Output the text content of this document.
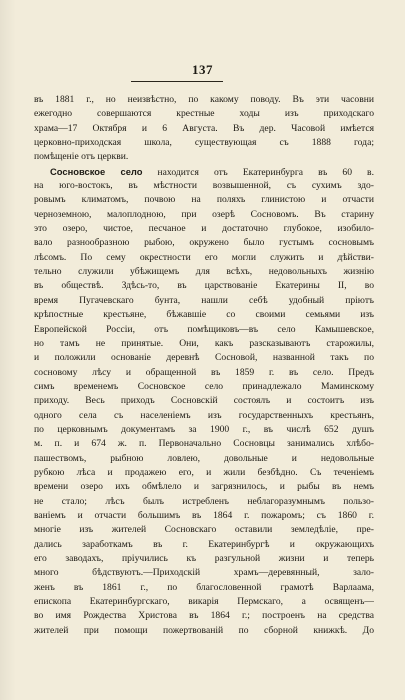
137
въ 1881 г., но неизвѣстно, по какому поводу. Въ эти часовни
ежегодно совершаются крестные ходы изъ приходскаго
храма—17 Октября и 6 Августа. Въ дер. Часовой имѣется
церковно-приходская школа, существующая съ 1888 года;
помѣщеніе отъ церкви.
Сосновское село находится отъ Екатеринбурга въ 60 в.
на юго-востокъ, въ мѣстности возвышенной, съ сухимъ здо-
ровымъ климатомъ, почвою на поляхъ глинистою и отчасти
черноземною, малоплодною, при озерѣ Сосновомъ. Въ старину
это озеро, чистое, песчаное и достаточно глубокое, изобило-
вало разнообразною рыбою, окружено было густымъ сосновымъ
лѣсомъ. По сему окрестности его могли служить и дѣйстви-
тельно служили убѣжищемъ для всѣхъ, недовольныхъ жизнію
въ обществѣ. Здѣсь-то, въ царствованіе Екатерины II, во
время Пугачевскаго бунта, нашли себѣ удобный пріютъ
крѣпостные крестьяне, бѣжавшіе со своими семьями изъ
Европейской Россіи, отъ помѣщиковъ—въ село Камышевское,
но тамъ не принятые. Они, какъ разсказываютъ старожилы,
и положили основаніе деревнѣ Сосновой, названной такъ по
сосновому лѣсу и обращенной въ 1859 г. въ село. Предъ
симъ временемъ Сосновское село принадлежало Маминскому
приходу. Весь приходъ Сосновскій состоялъ и состоитъ изъ
одного села съ населеніемъ изъ государственныхъ крестьянъ,
по церковнымъ документамъ за 1900 г., въ числѣ 652 душъ
м. п. и 674 ж. п. Первоначально Сосновцы занимались хлѣбо-
пашествомъ, рыбною ловлею, довольные и недовольные
рубкою лѣса и продажею его, и жили безбѣдно. Съ теченіемъ
времени озеро ихъ обмѣлело и загрязнилось, и рыбы въ немъ
не стало; лѣсъ былъ истребленъ неблагоразумнымъ пользо-
ваніемъ и отчасти большимъ въ 1864 г. пожаромъ; съ 1860 г.
многіе изъ жителей Сосновскаго оставили земледѣліе, пре-
дались заработкамъ въ г. Екатеринбургѣ и окружающихъ
его заводахъ, пріучились къ разгульной жизни и теперь
много бѣдствуютъ.—Приходскій храмъ—деревянный, зало-
женъ въ 1861 г., по благословенной грамотѣ Варлаама,
епископа Екатеринбургскаго, викарія Пермскаго, а освященъ—
во имя Рождества Христова въ 1864 г.; построенъ на средства
жителей при помощи пожертвованій по сборной книжкѣ. До
